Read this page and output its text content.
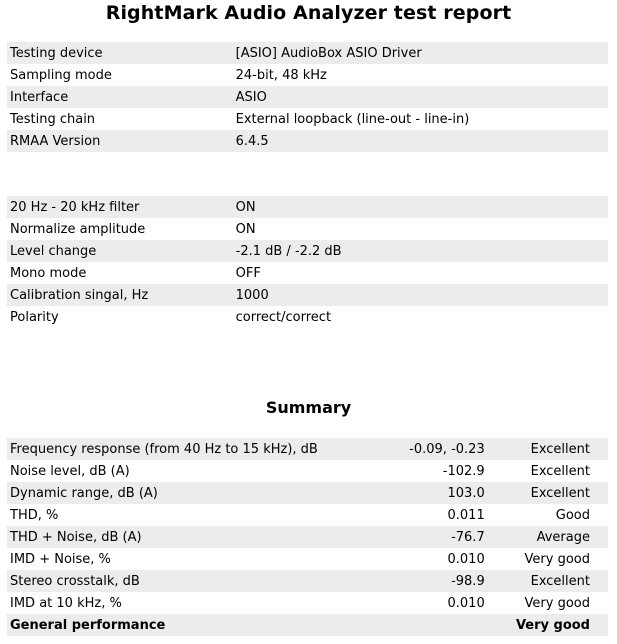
RightMark Audio Analyzer test report
Testing device	[ASIO] AudioBox ASIO Driver
Sampling mode	24-bit, 48 kHz
Interface	ASIO
Testing chain	External loopback (line-out - line-in)
RMAA Version	6.4.5
20 Hz - 20 kHz filter	ON
Normalize amplitude	ON
Level change	-2.1 dB / -2.2 dB
Mono mode	OFF
Calibration singal, Hz	1000
Polarity	correct/correct
Summary
Frequency response (from 40 Hz to 15 kHz), dB	-0.09, -0.23	Excellent
Noise level, dB (A)	-102.9	Excellent
Dynamic range, dB (A)	103.0	Excellent
THD, %	0.011	Good
THD + Noise, dB (A)	-76.7	Average
IMD + Noise, %	0.010	Very good
Stereo crosstalk, dB	-98.9	Excellent
IMD at 10 kHz, %	0.010	Very good
General performance		Very good
